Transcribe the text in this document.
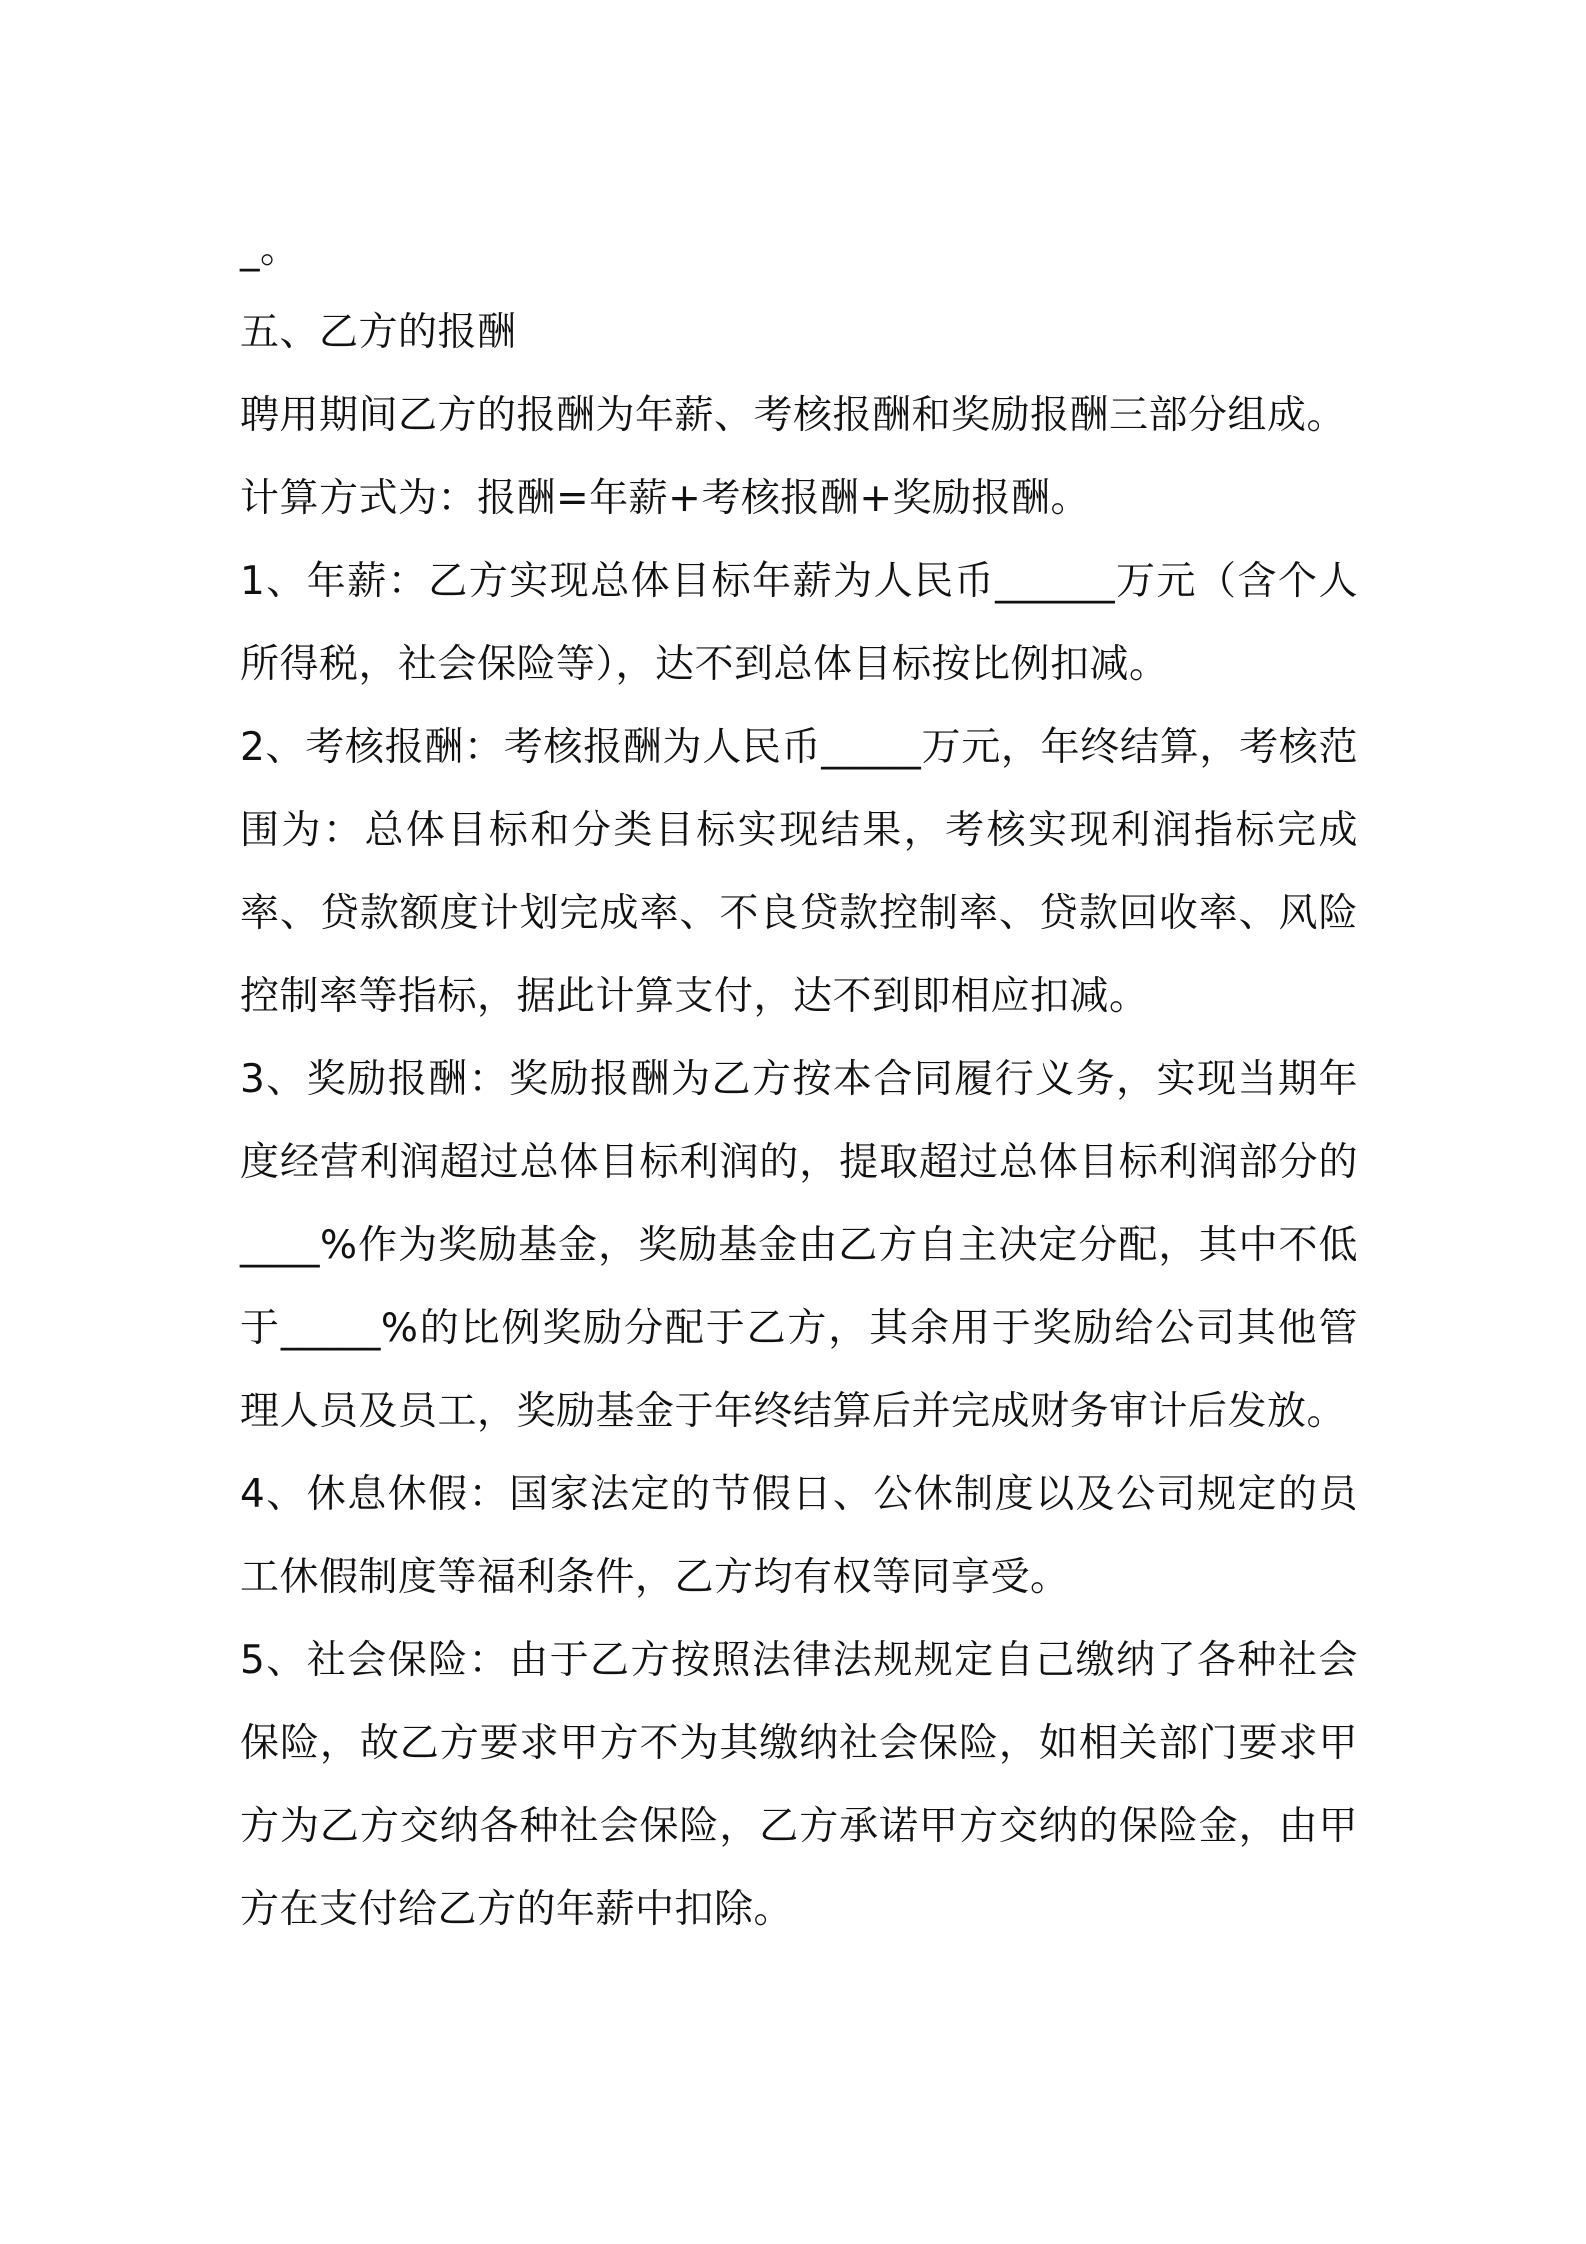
_。

五、乙方的报酬

聘用期间乙方的报酬为年薪、考核报酬和奖励报酬三部分组成。

计算方式为：报酬=年薪+考核报酬+奖励报酬。

1、年薪：乙方实现总体目标年薪为人民币______万元（含个人所得税，社会保险等），达不到总体目标按比例扣减。

2、考核报酬：考核报酬为人民币_____万元，年终结算，考核范围为：总体目标和分类目标实现结果，考核实现利润指标完成率、贷款额度计划完成率、不良贷款控制率、贷款回收率、风险控制率等指标，据此计算支付，达不到即相应扣减。

3、奖励报酬：奖励报酬为乙方按本合同履行义务，实现当期年度经营利润超过总体目标利润的，提取超过总体目标利润部分的____%作为奖励基金，奖励基金由乙方自主决定分配，其中不低于_____%的比例奖励分配于乙方，其余用于奖励给公司其他管理人员及员工，奖励基金于年终结算后并完成财务审计后发放。

4、休息休假：国家法定的节假日、公休制度以及公司规定的员工休假制度等福利条件，乙方均有权等同享受。

5、社会保险：由于乙方按照法律法规规定自己缴纳了各种社会保险，故乙方要求甲方不为其缴纳社会保险，如相关部门要求甲方为乙方交纳各种社会保险，乙方承诺甲方交纳的保险金，由甲方在支付给乙方的年薪中扣除。
